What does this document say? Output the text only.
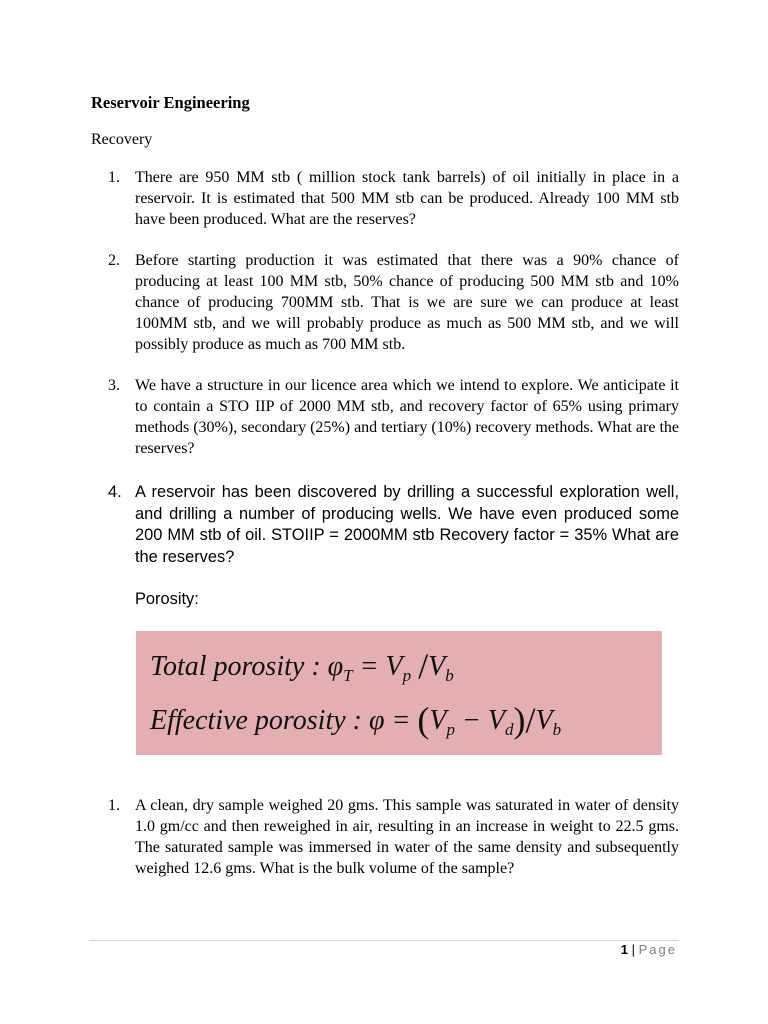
Reservoir Engineering

Recovery

1. There are 950 MM stb ( million stock tank barrels) of oil initially in place in a reservoir. It is estimated that 500 MM stb can be produced. Already 100 MM stb have been produced. What are the reserves?
2. Before starting production it was estimated that there was a 90% chance of producing at least 100 MM stb, 50% chance of producing 500 MM stb and 10% chance of producing 700MM stb. That is we are sure we can produce at least 100MM stb, and we will probably produce as much as 500 MM stb, and we will possibly produce as much as 700 MM stb.
3. We have a structure in our licence area which we intend to explore. We anticipate it to contain a STO IIP of 2000 MM stb, and recovery factor of 65% using primary methods (30%), secondary (25%) and tertiary (10%) recovery methods. What are the reserves?
4. A reservoir has been discovered by drilling a successful exploration well, and drilling a number of producing wells. We have even produced some 200 MM stb of oil. STOIIP = 2000MM stb Recovery factor = 35% What are the reserves?

Porosity:

Total porosity : $\varphi_T = V_p$ $/V_b$
Effective porosity : $\varphi = (V_p - V_d)/V_b$
1. A clean, dry sample weighed 20 gms. This sample was saturated in water of density 1.0 gm/cc and then reweighed in air, resulting in an increase in weight to 22.5 gms. The saturated sample was immersed in water of the same density and subsequently weighed 12.6 gms. What is the bulk volume of the sample?
1 | Page
